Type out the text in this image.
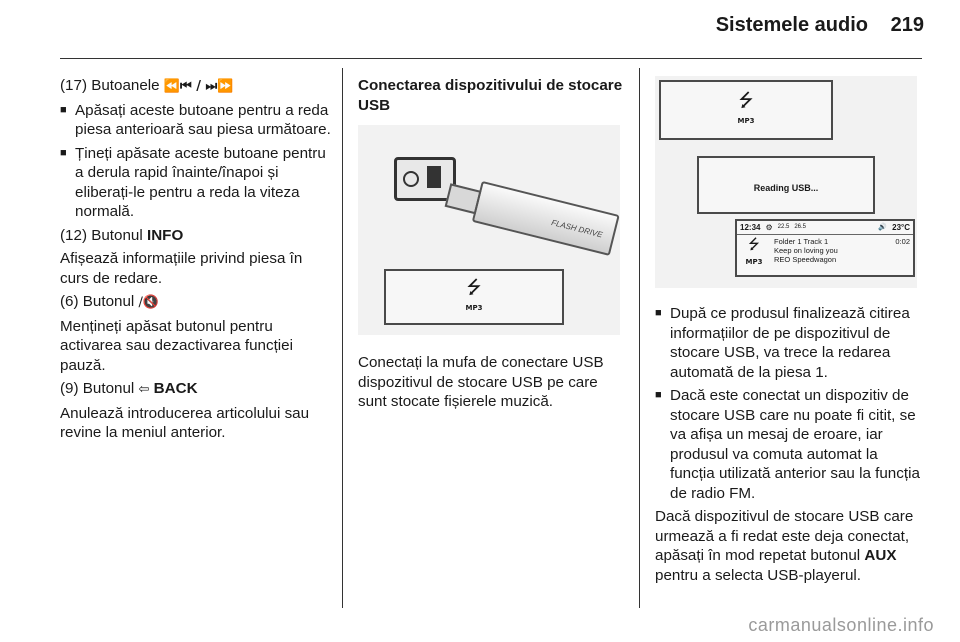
Sistemele audio 219

(17) Butoanele ⏪⏮ / ⏭⏩

■ Apăsați aceste butoane pentru a reda piesa anterioară sau piesa următoare.
■ Țineți apăsate aceste butoane pentru a derula rapid înainte/înapoi și eliberați-le pentru a reda la viteza normală.

(12) Butonul INFO

Afișează informațiile privind piesa în curs de redare.

(6) Butonul ∕🔇

Mențineți apăsat butonul pentru activarea sau dezactivarea funcției pauză.

(9) Butonul ⇦ BACK

Anulează introducerea articolului sau revine la meniul anterior.

Conectarea dispozitivului de stocare USB
FLASH DRIVE
⭍
MP3

Conectați la mufa de conectare USB dispozitivul de stocare USB pe care sunt stocate fișierele muzică.

⭍
MP3
Reading USB...
12:34 ⚙ 22.5 26.5	🔊 23°C
⭍
MP3
Folder 1 Track 1	0:02
Keep on loving you
REO Speedwagon
■ După ce produsul finalizează citirea informațiilor de pe dispozitivul de stocare USB, va trece la redarea automată de la piesa 1.
■ Dacă este conectat un dispozitiv de stocare USB care nu poate fi citit, se va afișa un mesaj de eroare, iar produsul va comuta automat la funcția utilizată anterior sau la funcția de radio FM.

Dacă dispozitivul de stocare USB care urmează a fi redat este deja conectat, apăsați în mod repetat butonul AUX pentru a selecta USB-playerul.

carmanualsonline.info
